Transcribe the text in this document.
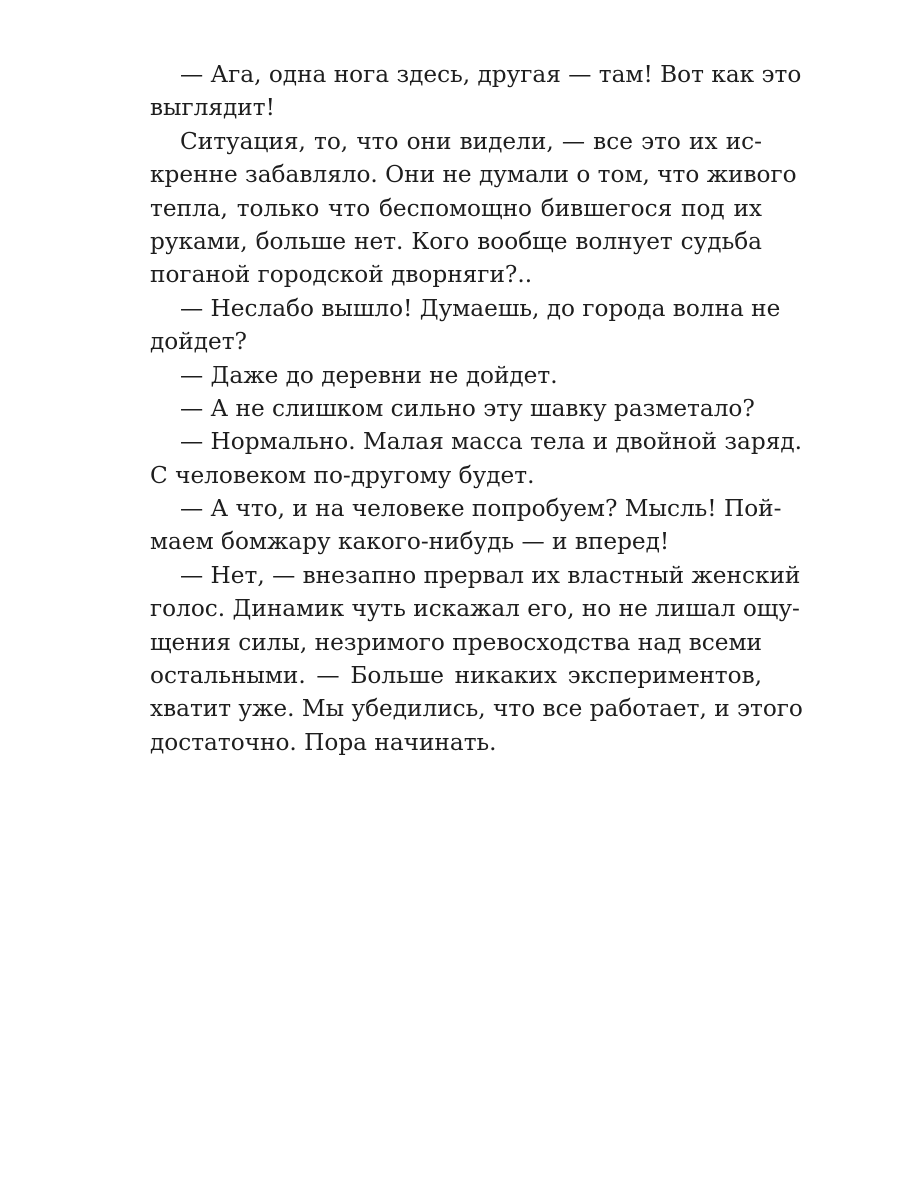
— Ага, одна нога здесь, другая — там! Вот как это
выглядит!
Ситуация, то, что они видели, — все это их ис-
кренне забавляло. Они не думали о том, что живого
тепла, только что беспомощно бившегося под их
руками, больше нет. Кого вообще волнует судьба
поганой городской дворняги?..
— Неслабо вышло! Думаешь, до города волна не
дойдет?
— Даже до деревни не дойдет.
— А не слишком сильно эту шавку разметало?
— Нормально. Малая масса тела и двойной заряд.
С человеком по-другому будет.
— А что, и на человеке попробуем? Мысль! Пой-
маем бомжару какого-нибудь — и вперед!
— Нет, — внезапно прервал их властный женский
голос. Динамик чуть искажал его, но не лишал ощу-
щения силы, незримого превосходства над всеми
остальными. — Больше никаких экспериментов,
хватит уже. Мы убедились, что все работает, и этого
достаточно. Пора начинать.
